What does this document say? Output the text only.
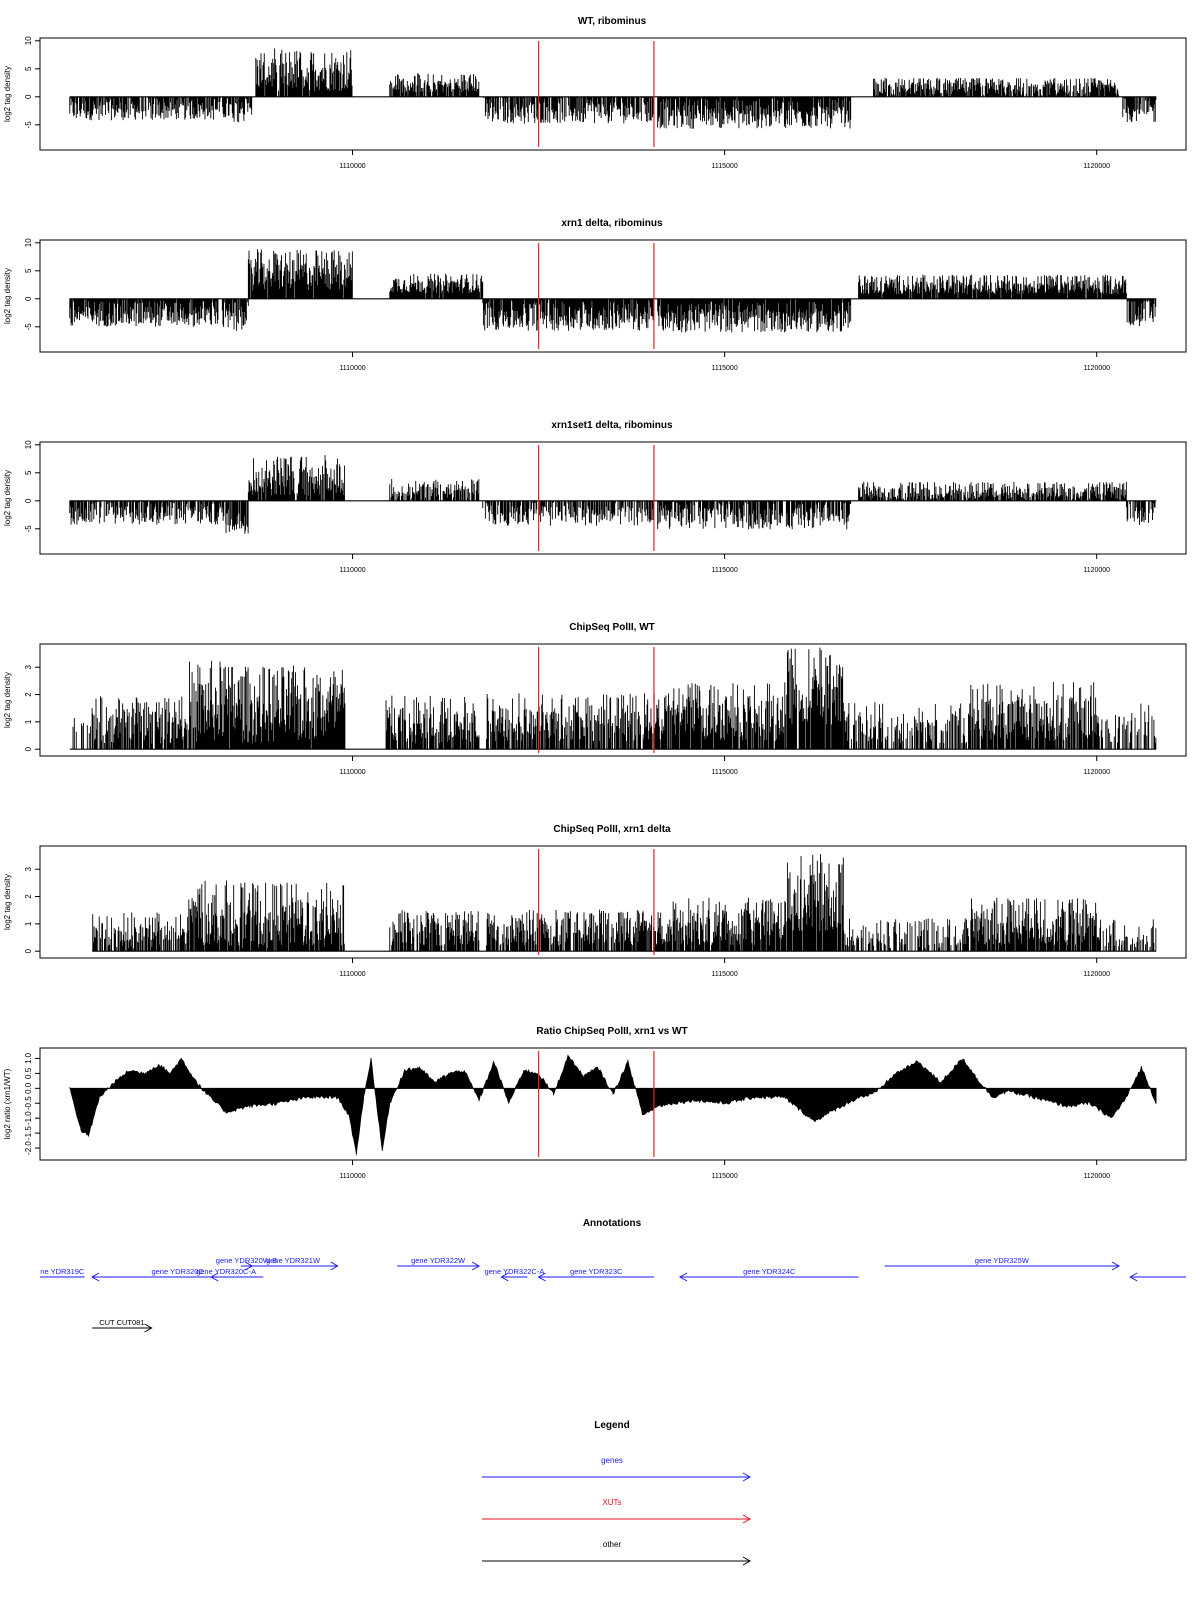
WT, ribominus
log2 tag density
10
5
0
-5
1110000	1115000	1120000
xrn1 delta, ribominus
log2 tag density
10
5
0
-5
1110000	1115000	1120000
xrn1set1 delta, ribominus
log2 tag density
10
5
0
-5
1110000	1115000	1120000
ChipSeq PolII, WT
log2 tag density
3
2
1
0
1110000	1115000	1120000
ChipSeq PolII, xrn1 delta
log2 tag density
3
2
1
0
1110000	1115000	1120000
Ratio ChipSeq PolII, xrn1 vs WT
log2 ratio (xrn1/WT)
1.0
0.5
0.0
-0.5
-1.0
-1.5
-2.0
1110000	1115000	1120000
Annotations
ne YDR319C	gene YDR320C
gene YDR320C-A
gene YDR320W-B
gene YDR321W	gene YDR322W
gene YDR322C-A	gene YDR323C	gene YDR324C
gene YDR325W
CUT CUT081
Legend
genes
XUTs
other
